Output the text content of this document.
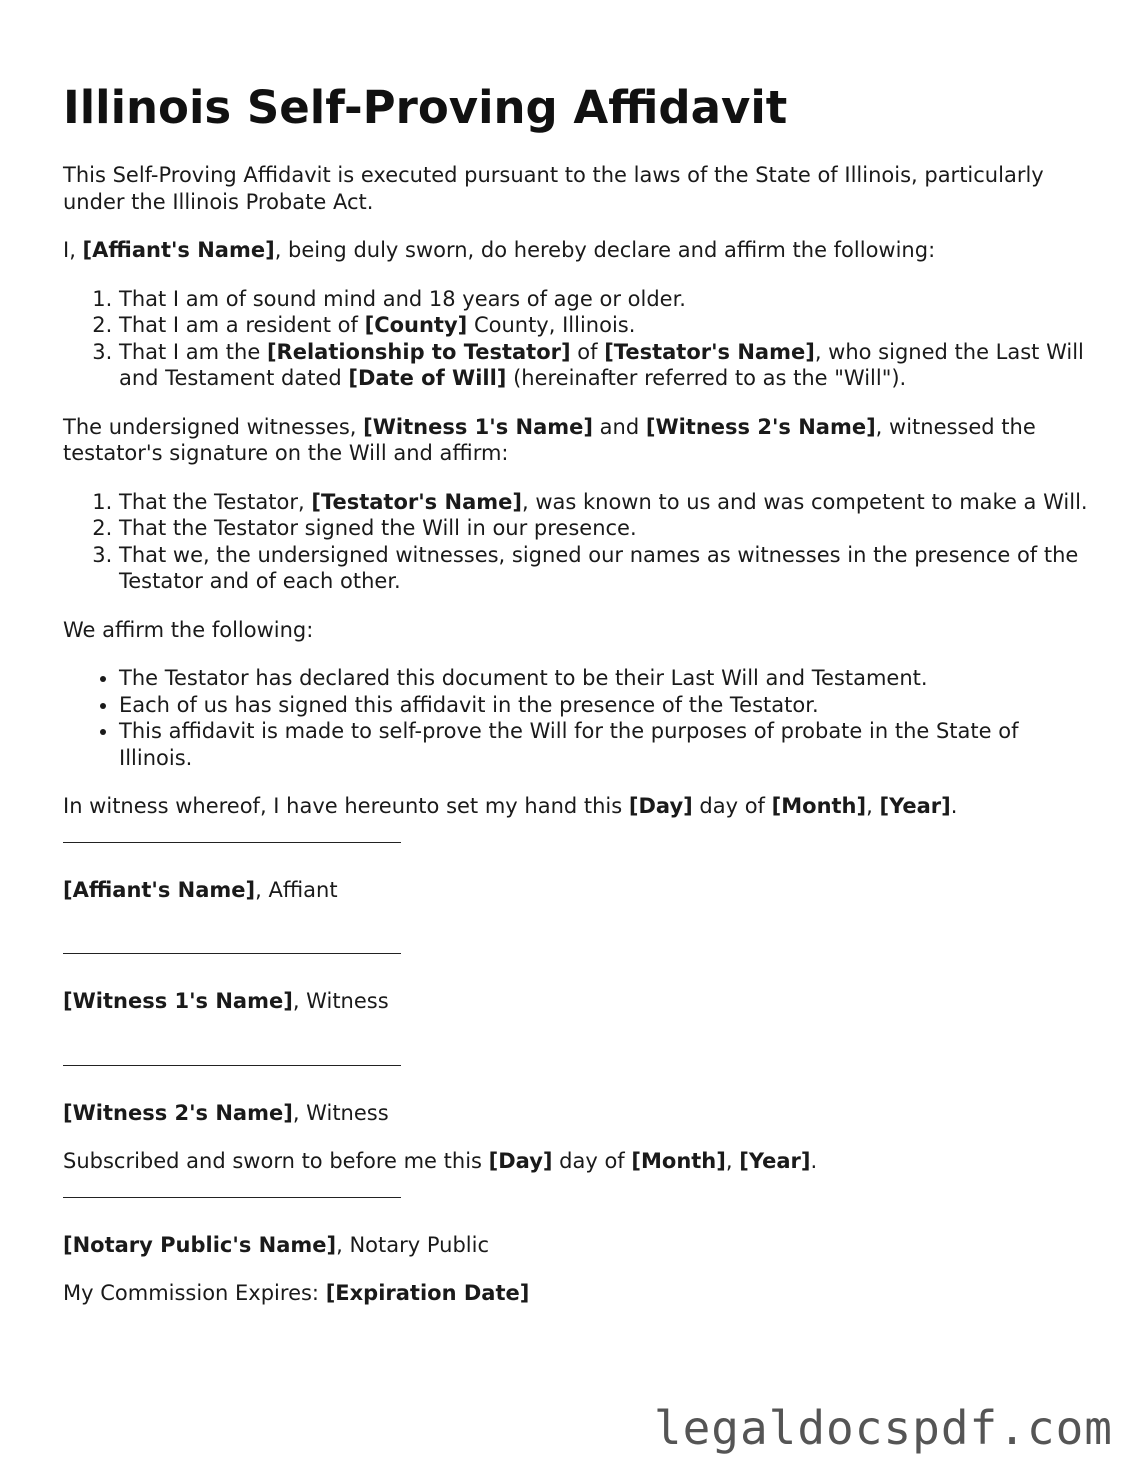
Illinois Self-Proving Affidavit

This Self-Proving Affidavit is executed pursuant to the laws of the State of Illinois, particularly under the Illinois Probate Act.

I, [Affiant's Name], being duly sworn, do hereby declare and affirm the following:

1. That I am of sound mind and 18 years of age or older.
2. That I am a resident of [County] County, Illinois.
3. That I am the [Relationship to Testator] of [Testator's Name], who signed the Last Will and Testament dated [Date of Will] (hereinafter referred to as the "Will").

The undersigned witnesses, [Witness 1's Name] and [Witness 2's Name], witnessed the testator's signature on the Will and affirm:

1. That the Testator, [Testator's Name], was known to us and was competent to make a Will.
2. That the Testator signed the Will in our presence.
3. That we, the undersigned witnesses, signed our names as witnesses in the presence of the Testator and of each other.

We affirm the following:

• The Testator has declared this document to be their Last Will and Testament.
• Each of us has signed this affidavit in the presence of the Testator.
• This affidavit is made to self-prove the Will for the purposes of probate in the State of Illinois.

In witness whereof, I have hereunto set my hand this [Day] day of [Month], [Year].

[Affiant's Name], Affiant

[Witness 1's Name], Witness

[Witness 2's Name], Witness

Subscribed and sworn to before me this [Day] day of [Month], [Year].

[Notary Public's Name], Notary Public

My Commission Expires: [Expiration Date]

legaldocspdf.com
